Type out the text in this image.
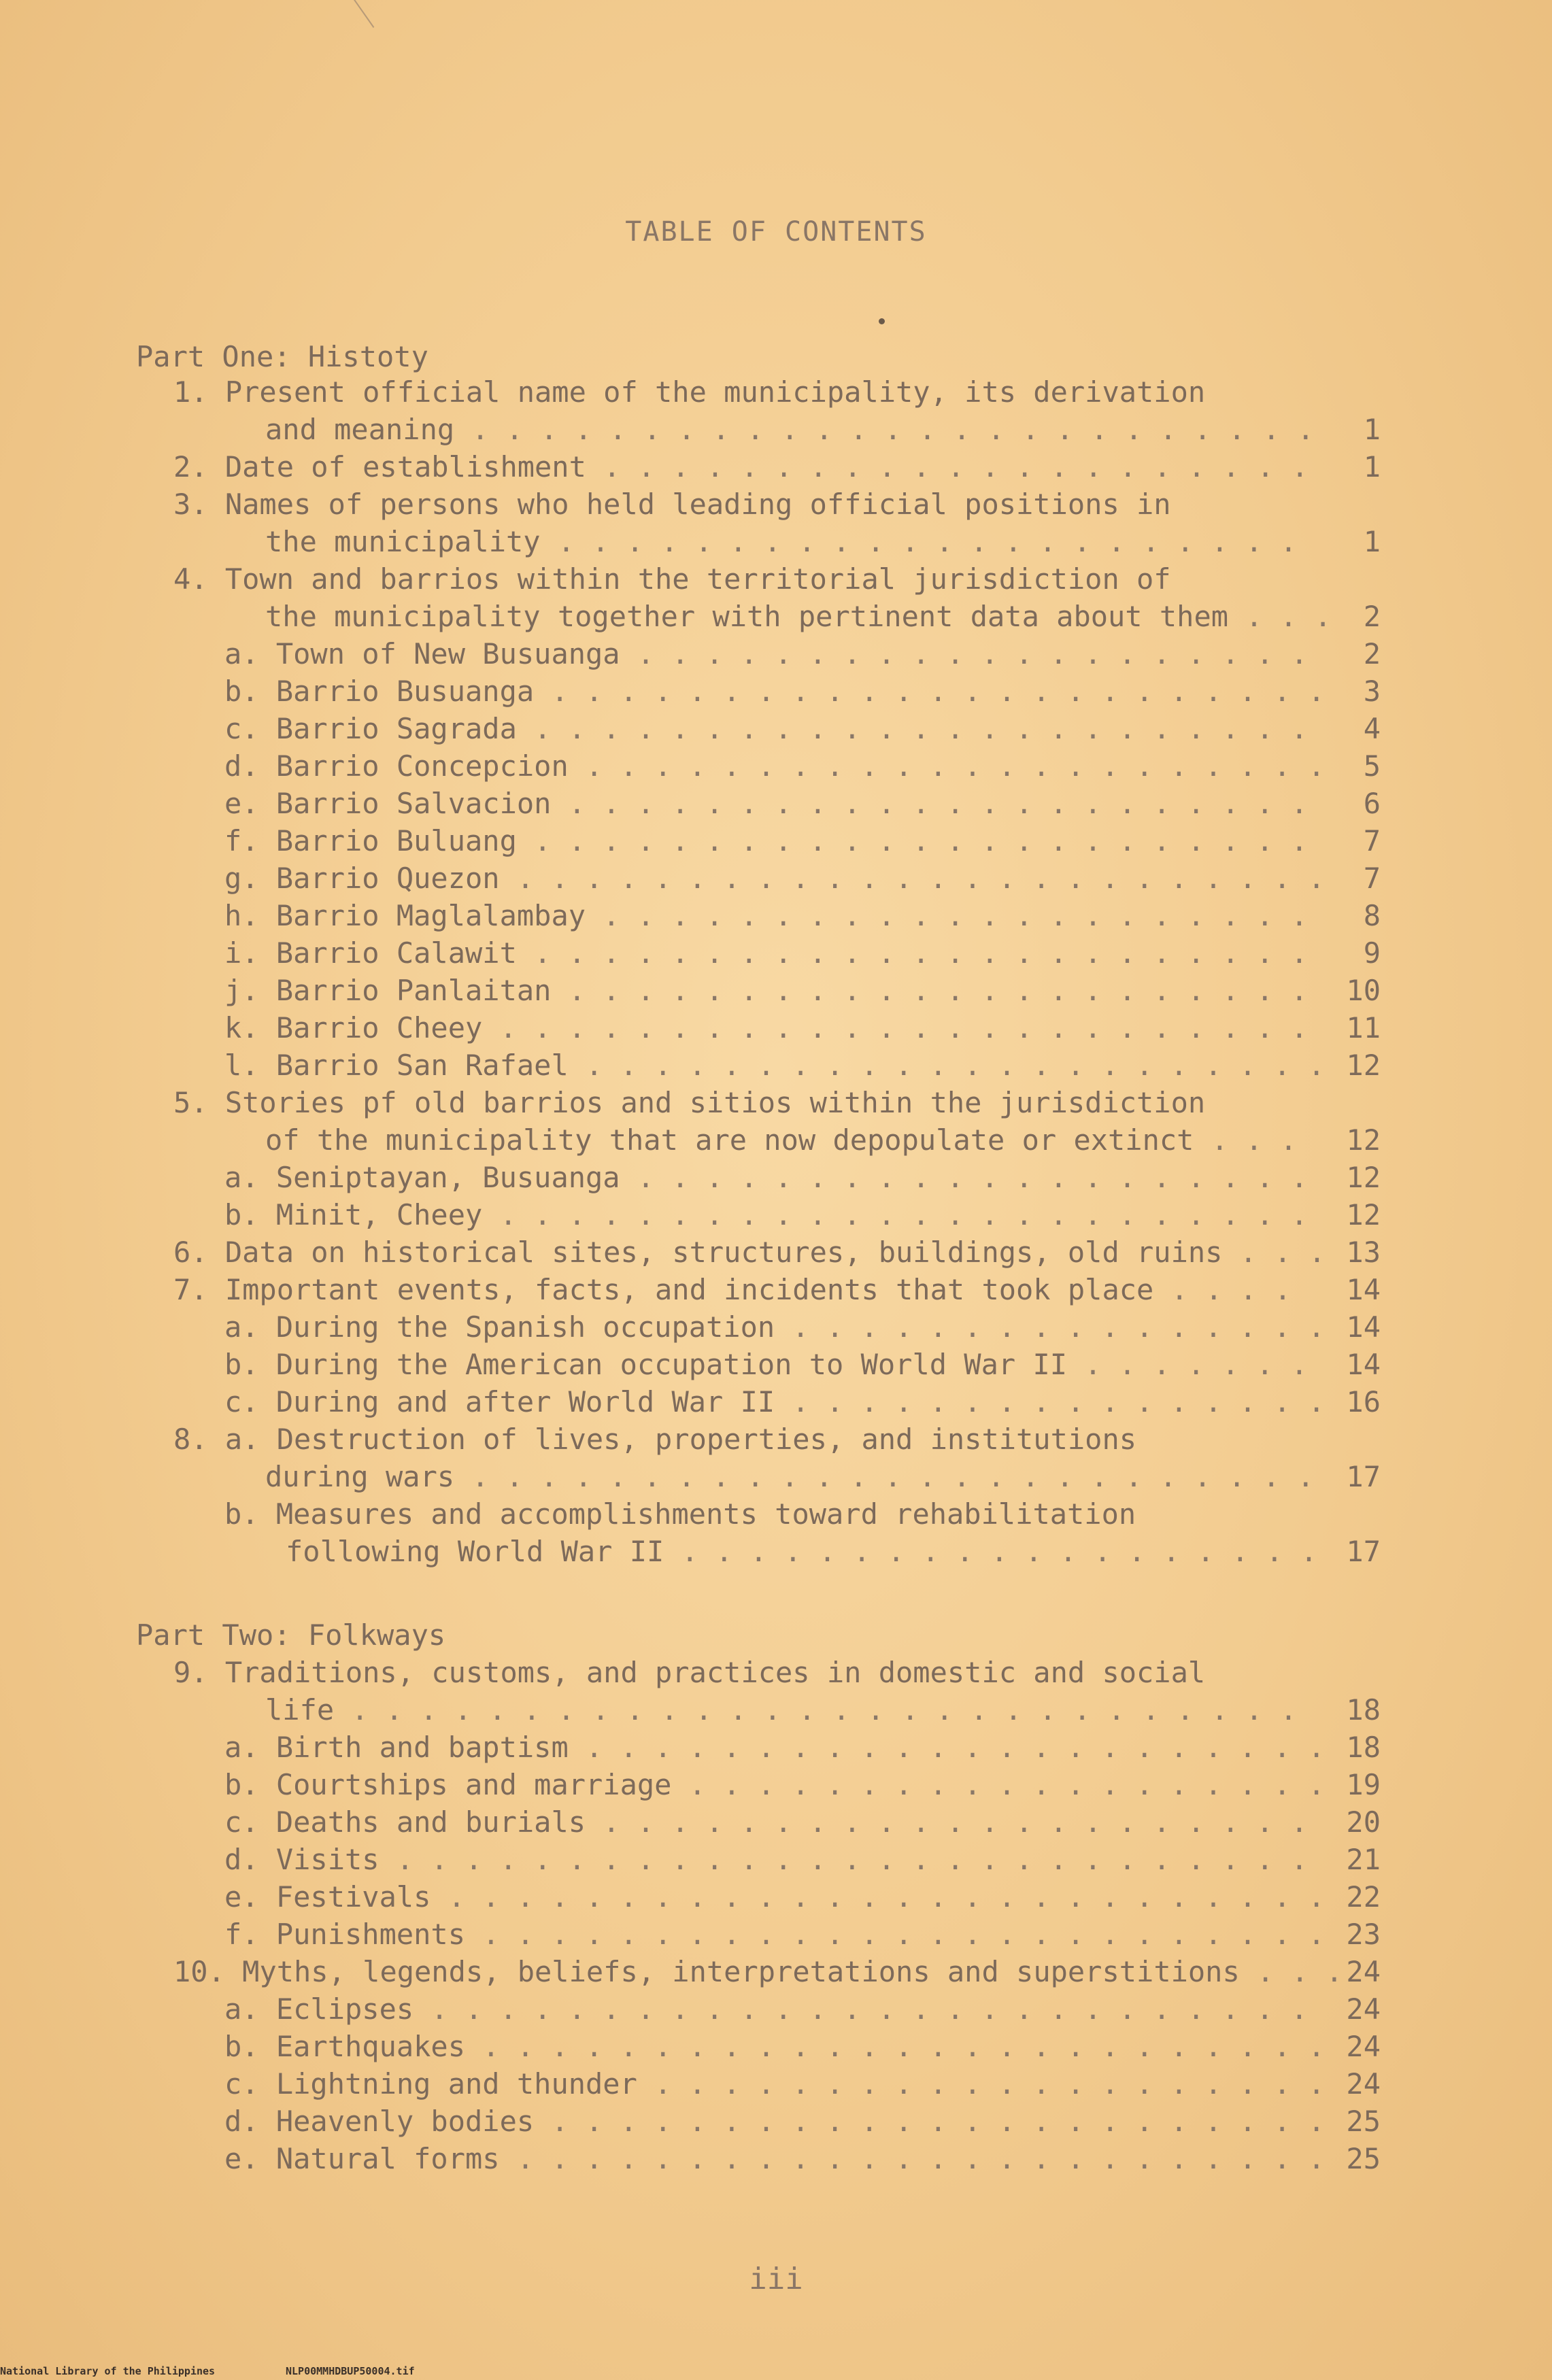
TABLE OF CONTENTS
Part One: Histoty
1. Present official name of the municipality, its derivation
and meaning . . . . . . . . . . . . . . . . . . . . . . . . . 1
2. Date of establishment . . . . . . . . . . . . . . . . . . . . . 1
3. Names of persons who held leading official positions in
the municipality . . . . . . . . . . . . . . . . . . . . . . 1
4. Town and barrios within the territorial jurisdiction of
the municipality together with pertinent data about them . . . 2
a. Town of New Busuanga . . . . . . . . . . . . . . . . . . . . 2
b. Barrio Busuanga . . . . . . . . . . . . . . . . . . . . . . . 3
c. Barrio Sagrada . . . . . . . . . . . . . . . . . . . . . . . 4
d. Barrio Concepcion . . . . . . . . . . . . . . . . . . . . . . 5
e. Barrio Salvacion . . . . . . . . . . . . . . . . . . . . . . 6
f. Barrio Buluang . . . . . . . . . . . . . . . . . . . . . . . 7
g. Barrio Quezon . . . . . . . . . . . . . . . . . . . . . . . . 7
h. Barrio Maglalambay . . . . . . . . . . . . . . . . . . . . . 8
i. Barrio Calawit . . . . . . . . . . . . . . . . . . . . . . . 9
j. Barrio Panlaitan . . . . . . . . . . . . . . . . . . . . . . 10
k. Barrio Cheey . . . . . . . . . . . . . . . . . . . . . . . . 11
l. Barrio San Rafael . . . . . . . . . . . . . . . . . . . . . . 12
5. Stories pf old barrios and sitios within the jurisdiction
of the municipality that are now depopulate or extinct . . . 12
a. Seniptayan, Busuanga . . . . . . . . . . . . . . . . . . . . 12
b. Minit, Cheey . . . . . . . . . . . . . . . . . . . . . . . . 12
6. Data on historical sites, structures, buildings, old ruins . . . 13
7. Important events, facts, and incidents that took place . . . . 14
a. During the Spanish occupation . . . . . . . . . . . . . . . . 14
b. During the American occupation to World War II . . . . . . . 14
c. During and after World War II . . . . . . . . . . . . . . . . 16
8. a. Destruction of lives, properties, and institutions
during wars . . . . . . . . . . . . . . . . . . . . . . . . . 17
b. Measures and accomplishments toward rehabilitation
following World War II . . . . . . . . . . . . . . . . . . . 17
Part Two: Folkways
9. Traditions, customs, and practices in domestic and social
life . . . . . . . . . . . . . . . . . . . . . . . . . . . . 18
a. Birth and baptism . . . . . . . . . . . . . . . . . . . . . . 18
b. Courtships and marriage . . . . . . . . . . . . . . . . . . . 19
c. Deaths and burials . . . . . . . . . . . . . . . . . . . . . 20
d. Visits . . . . . . . . . . . . . . . . . . . . . . . . . . . 21
e. Festivals . . . . . . . . . . . . . . . . . . . . . . . . . . 22
f. Punishments . . . . . . . . . . . . . . . . . . . . . . . . . 23
10. Myths, legends, beliefs, interpretations and superstitions . . . 24
a. Eclipses . . . . . . . . . . . . . . . . . . . . . . . . . . 24
b. Earthquakes . . . . . . . . . . . . . . . . . . . . . . . . . 24
c. Lightning and thunder . . . . . . . . . . . . . . . . . . . . 24
d. Heavenly bodies . . . . . . . . . . . . . . . . . . . . . . . 25
e. Natural forms . . . . . . . . . . . . . . . . . . . . . . . . 25
iii
National Library of the Philippines	NLP00MMHDBUP50004.tif
